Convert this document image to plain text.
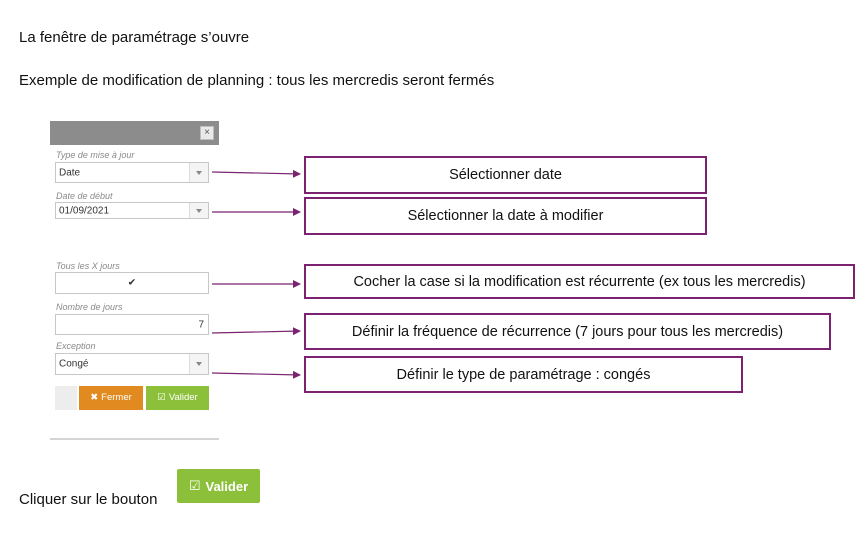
La fenêtre de paramétrage s’ouvre
Exemple de modification de planning : tous les mercredis seront fermés
×
Type de mise à jour
Date
Date de début
01/09/2021
Tous les X jours
✔
Nombre de jours
7
Exception
Congé
✖ Fermer	☑ Valider
Sélectionner date
Sélectionner la date à modifier
Cocher la case si la modification est récurrente (ex tous les mercredis)
Définir la fréquence de récurrence (7 jours pour tous les mercredis)
Définir le type de paramétrage : congés
Cliquer sur le bouton
☑ Valider
